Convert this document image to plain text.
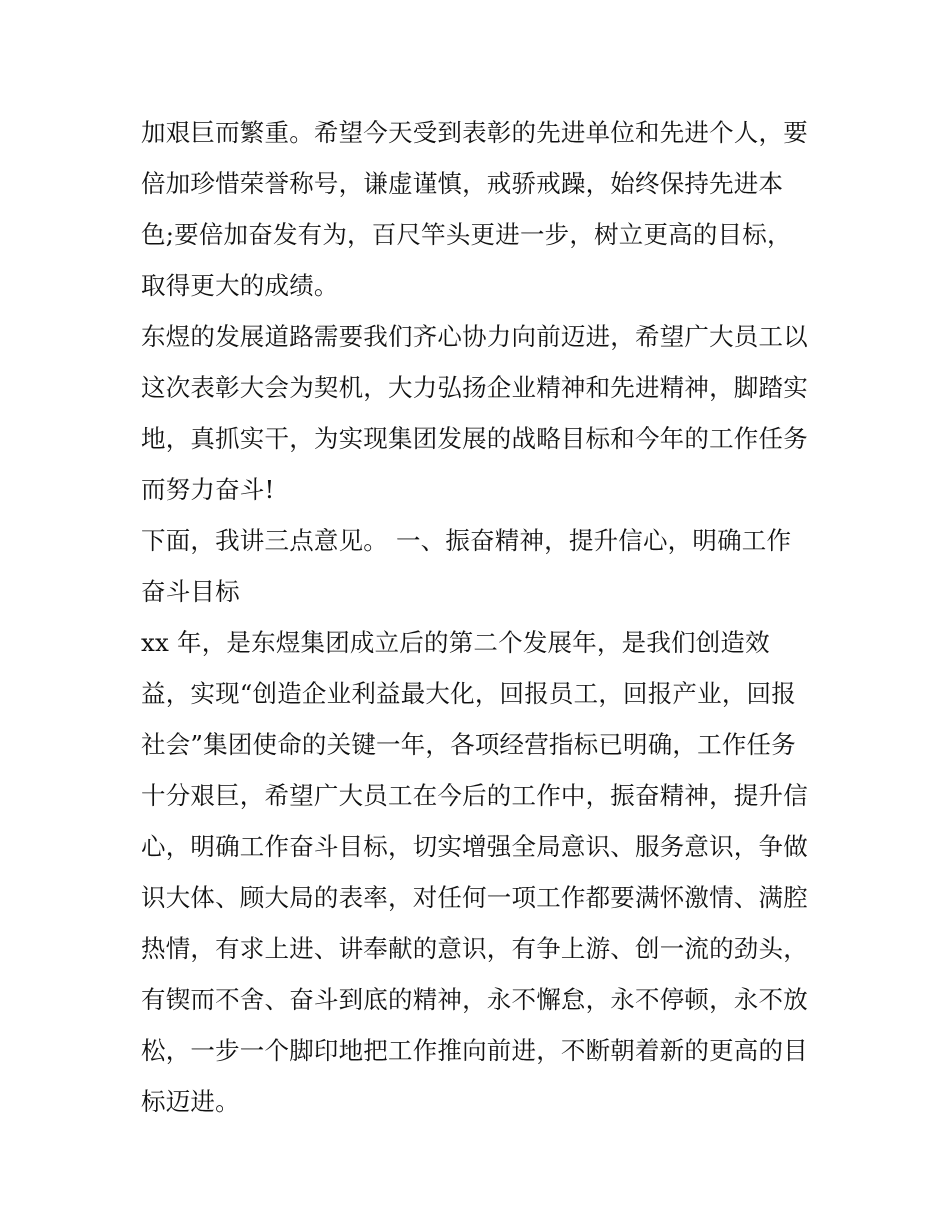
加艰巨而繁重。希望今天受到表彰的先进单位和先进个人，要
倍加珍惜荣誉称号，谦虚谨慎，戒骄戒躁，始终保持先进本
色;要倍加奋发有为，百尺竿头更进一步，树立更高的目标，
取得更大的成绩。
东煜的发展道路需要我们齐心协力向前迈进，希望广大员工以
这次表彰大会为契机，大力弘扬企业精神和先进精神，脚踏实
地，真抓实干，为实现集团发展的战略目标和今年的工作任务
而努力奋斗!
下面，我讲三点意见。 一、振奋精神，提升信心，明确工作
奋斗目标
xx 年，是东煜集团成立后的第二个发展年，是我们创造效
益，实现“创造企业利益最大化，回报员工，回报产业，回报
社会”集团使命的关键一年，各项经营指标已明确，工作任务
十分艰巨，希望广大员工在今后的工作中，振奋精神，提升信
心，明确工作奋斗目标，切实增强全局意识、服务意识，争做
识大体、顾大局的表率，对任何一项工作都要满怀激情、满腔
热情，有求上进、讲奉献的意识，有争上游、创一流的劲头，
有锲而不舍、奋斗到底的精神，永不懈怠，永不停顿，永不放
松，一步一个脚印地把工作推向前进，不断朝着新的更高的目
标迈进。
